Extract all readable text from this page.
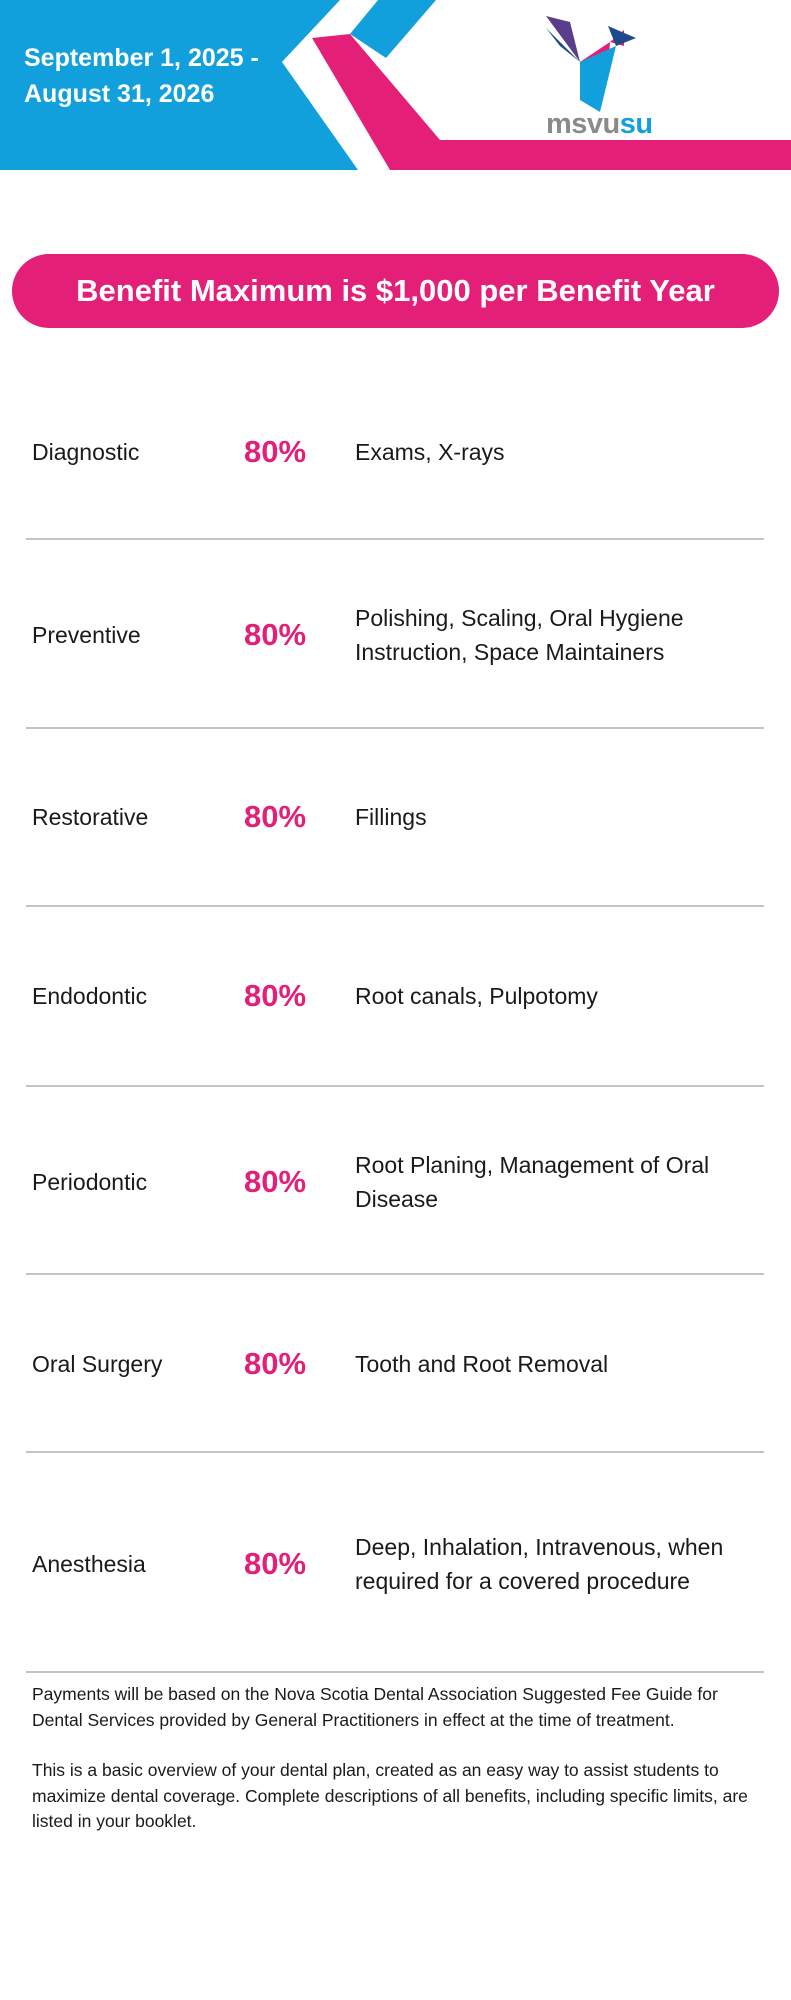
September 1, 2025 -
August 31, 2026
msvusu
Benefit Maximum is $1,000 per Benefit Year
Diagnostic	80% Exams, X-rays
Preventive	80% Polishing, Scaling, Oral Hygiene Instruction, Space Maintainers
Restorative	80% Fillings
Endodontic	80% Root canals, Pulpotomy
Periodontic	80% Root Planing, Management of Oral Disease
Oral Surgery	80% Tooth and Root Removal
Anesthesia	80% Deep, Inhalation, Intravenous, when required for a covered procedure

Payments will be based on the Nova Scotia Dental Association Suggested Fee Guide for Dental Services provided by General Practitioners in effect at the time of treatment.

This is a basic overview of your dental plan, created as an easy way to assist students to maximize dental coverage. Complete descriptions of all benefits, including specific limits, are listed in your booklet.
